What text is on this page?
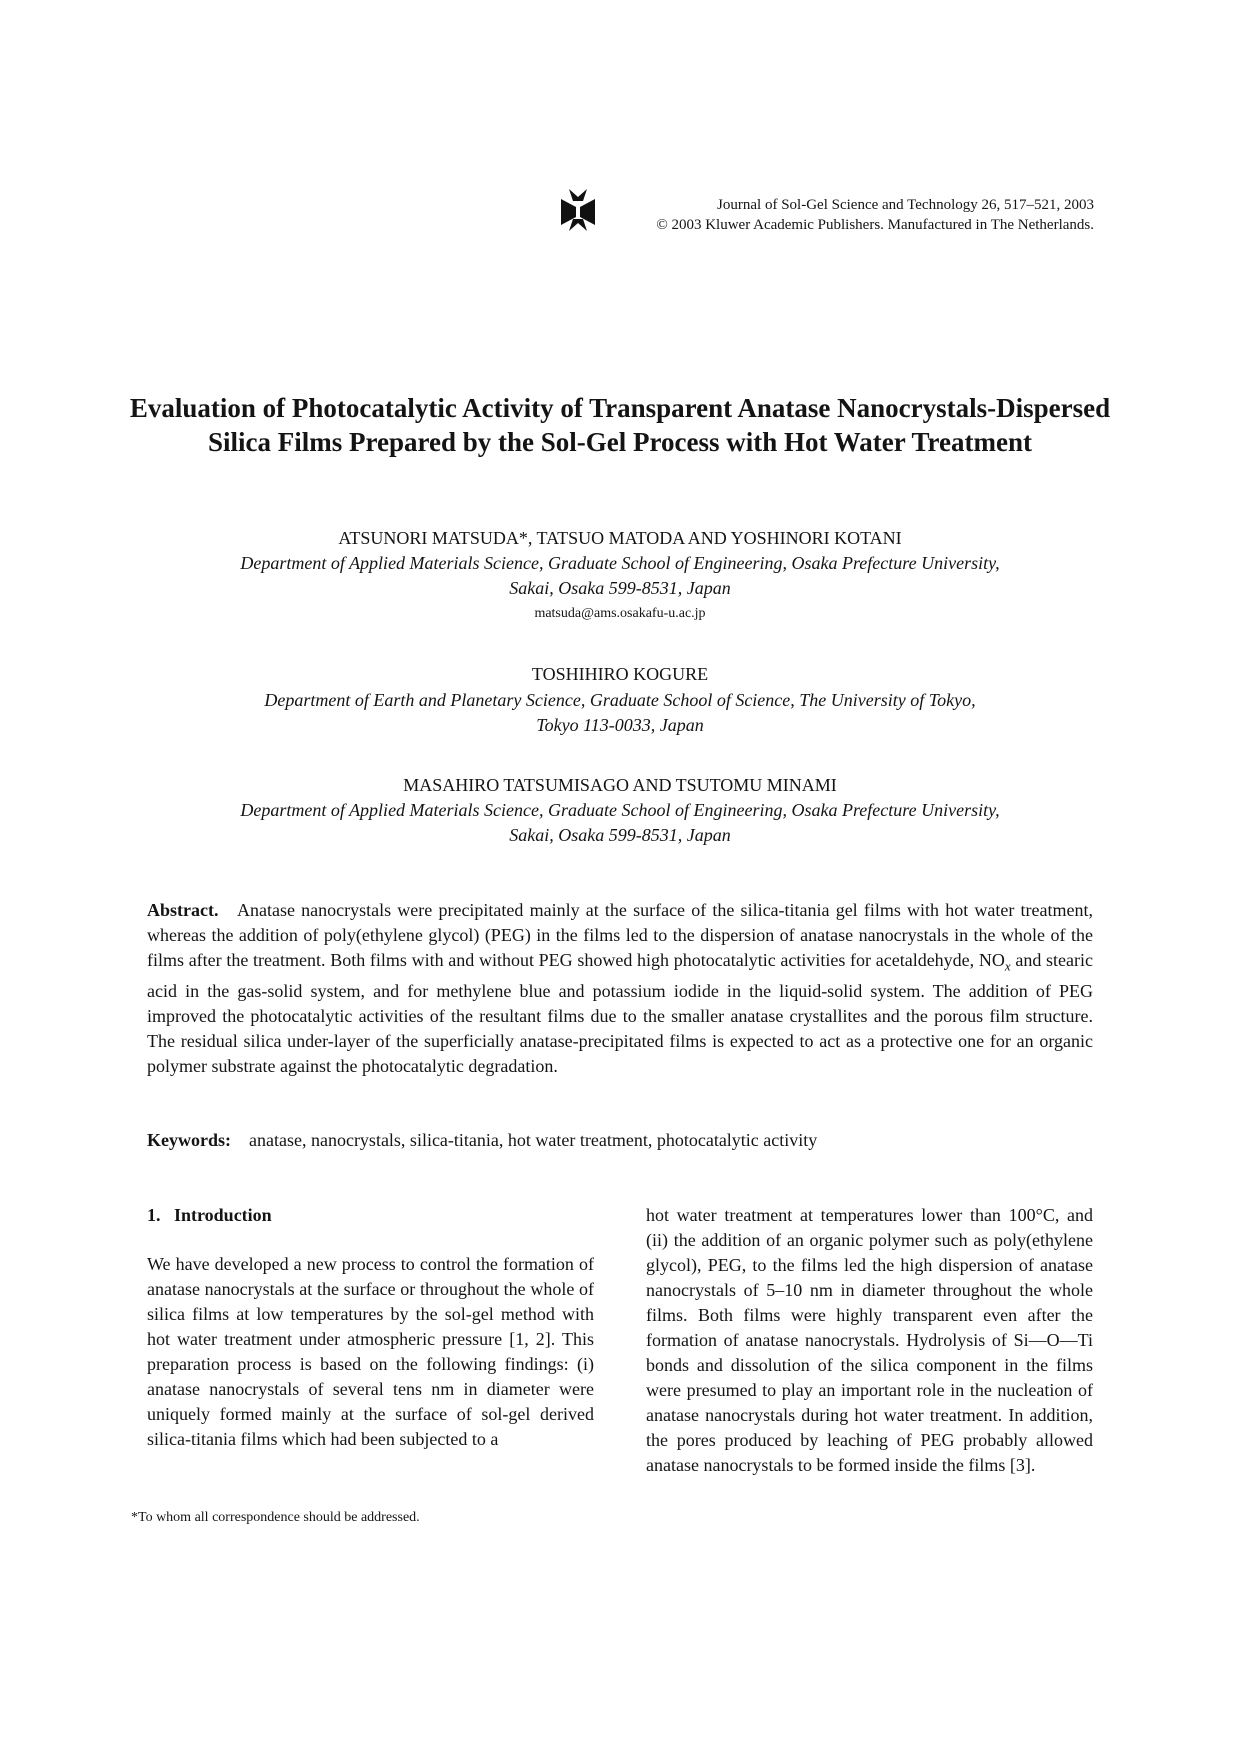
Journal of Sol-Gel Science and Technology 26, 517–521, 2003
© 2003 Kluwer Academic Publishers. Manufactured in The Netherlands.
Evaluation of Photocatalytic Activity of Transparent Anatase Nanocrystals-Dispersed Silica Films Prepared by the Sol-Gel Process with Hot Water Treatment
ATSUNORI MATSUDA*, TATSUO MATODA AND YOSHINORI KOTANI
Department of Applied Materials Science, Graduate School of Engineering, Osaka Prefecture University,
Sakai, Osaka 599-8531, Japan
matsuda@ams.osakafu-u.ac.jp
TOSHIHIRO KOGURE
Department of Earth and Planetary Science, Graduate School of Science, The University of Tokyo,
Tokyo 113-0033, Japan
MASAHIRO TATSUMISAGO AND TSUTOMU MINAMI
Department of Applied Materials Science, Graduate School of Engineering, Osaka Prefecture University,
Sakai, Osaka 599-8531, Japan
Abstract. Anatase nanocrystals were precipitated mainly at the surface of the silica-titania gel films with hot water treatment, whereas the addition of poly(ethylene glycol) (PEG) in the films led to the dispersion of anatase nanocrystals in the whole of the films after the treatment. Both films with and without PEG showed high photocatalytic activities for acetaldehyde, $NO_x$ and stearic acid in the gas-solid system, and for methylene blue and potassium iodide in the liquid-solid system. The addition of PEG improved the photocatalytic activities of the resultant films due to the smaller anatase crystallites and the porous film structure. The residual silica under-layer of the superficially anatase-precipitated films is expected to act as a protective one for an organic polymer substrate against the photocatalytic degradation.
Keywords: anatase, nanocrystals, silica-titania, hot water treatment, photocatalytic activity
1. Introduction
We have developed a new process to control the formation of anatase nanocrystals at the surface or throughout the whole of silica films at low temperatures by the sol-gel method with hot water treatment under atmospheric pressure [1, 2]. This preparation process is based on the following findings: (i) anatase nanocrystals of several tens nm in diameter were uniquely formed mainly at the surface of sol-gel derived silica-titania films which had been subjected to a
hot water treatment at temperatures lower than 100°C, and (ii) the addition of an organic polymer such as poly(ethylene glycol), PEG, to the films led the high dispersion of anatase nanocrystals of 5–10 nm in diameter throughout the whole films. Both films were highly transparent even after the formation of anatase nanocrystals. Hydrolysis of Si—O—Ti bonds and dissolution of the silica component in the films were presumed to play an important role in the nucleation of anatase nanocrystals during hot water treatment. In addition, the pores produced by leaching of PEG probably allowed anatase nanocrystals to be formed inside the films [3].
*To whom all correspondence should be addressed.
